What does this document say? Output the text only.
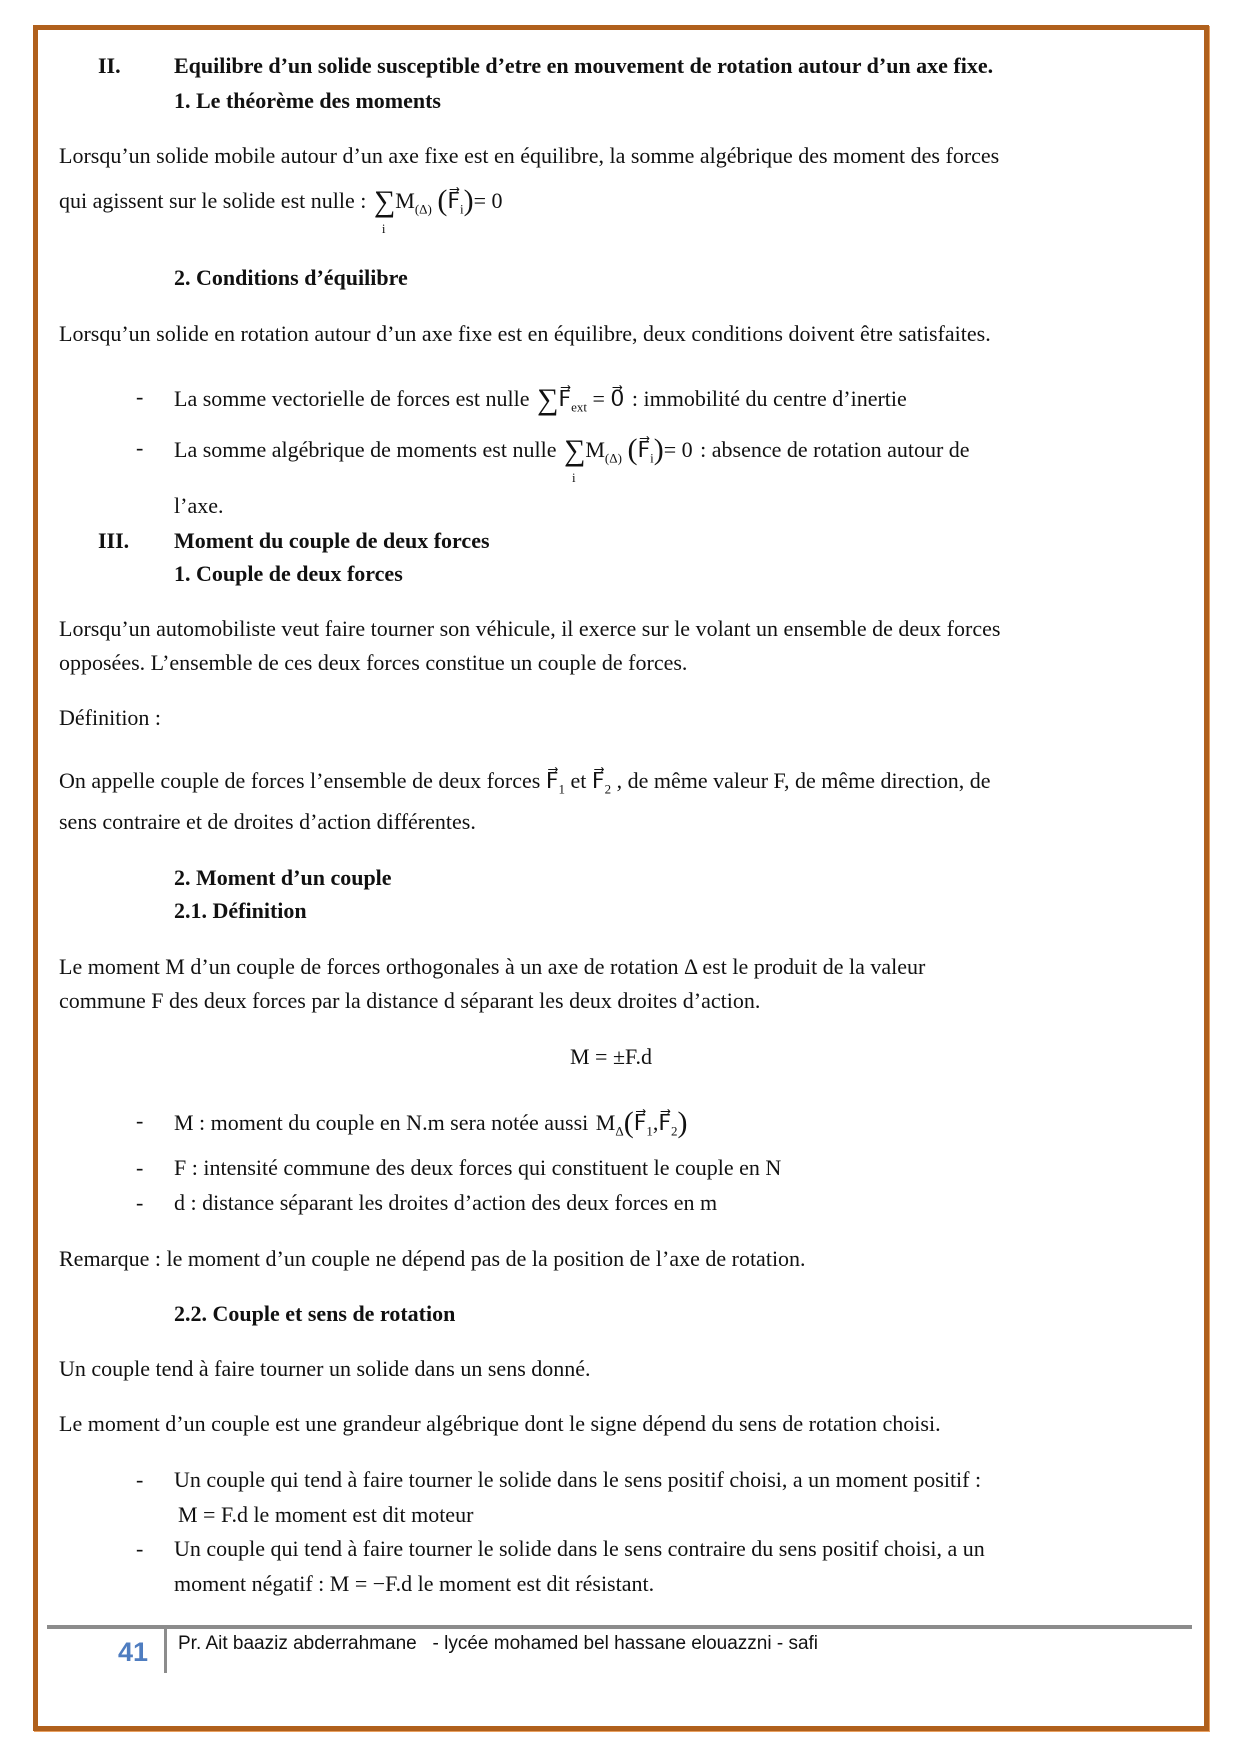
II. Equilibre d’un solide susceptible d’etre en mouvement de rotation autour d’un axe fixe.
1. Le théorème des moments
Lorsqu’un solide mobile autour d’un axe fixe est en équilibre, la somme algébrique des moment des forces
qui agissent sur le solide est nulle : ∑
i
$M_{(\Delta)}$ $(F⃗_i)= 0$
2. Conditions d’équilibre
Lorsqu’un solide en rotation autour d’un axe fixe est en équilibre, deux conditions doivent être satisfaites.
- La somme vectorielle de forces est nulle $\sum F⃗_{ext}$ = 0⃗ : immobilité du centre d’inertie
- La somme algébrique de moments est nulle ∑
i
$M_{(\Delta)}$ $(F⃗_i)= 0$ : absence de rotation autour de
l’axe.
III. Moment du couple de deux forces
1. Couple de deux forces
Lorsqu’un automobiliste veut faire tourner son véhicule, il exerce sur le volant un ensemble de deux forces
opposées. L’ensemble de ces deux forces constitue un couple de forces.
Définition :
On appelle couple de forces l’ensemble de deux forces $F⃗_1$ et $F⃗_2$ , de même valeur F, de même direction, de
sens contraire et de droites d’action différentes.
2. Moment d’un couple
2.1. Définition
Le moment M d’un couple de forces orthogonales à un axe de rotation Δ est le produit de la valeur
commune F des deux forces par la distance d séparant les deux droites d’action.
M = ±F.d
- M : moment du couple en N.m sera notée aussi $M_\Delta(F⃗_1,F⃗_2)$
- F : intensité commune des deux forces qui constituent le couple en N
- d : distance séparant les droites d’action des deux forces en m
Remarque : le moment d’un couple ne dépend pas de la position de l’axe de rotation.
2.2. Couple et sens de rotation
Un couple tend à faire tourner un solide dans un sens donné.
Le moment d’un couple est une grandeur algébrique dont le signe dépend du sens de rotation choisi.
- Un couple qui tend à faire tourner le solide dans le sens positif choisi, a un moment positif :
M = F.d le moment est dit moteur
- Un couple qui tend à faire tourner le solide dans le sens contraire du sens positif choisi, a un
moment négatif : M = −F.d le moment est dit résistant.
41 Pr. Ait baaziz abderrahmane   - lycée mohamed bel hassane elouazzni - safi
